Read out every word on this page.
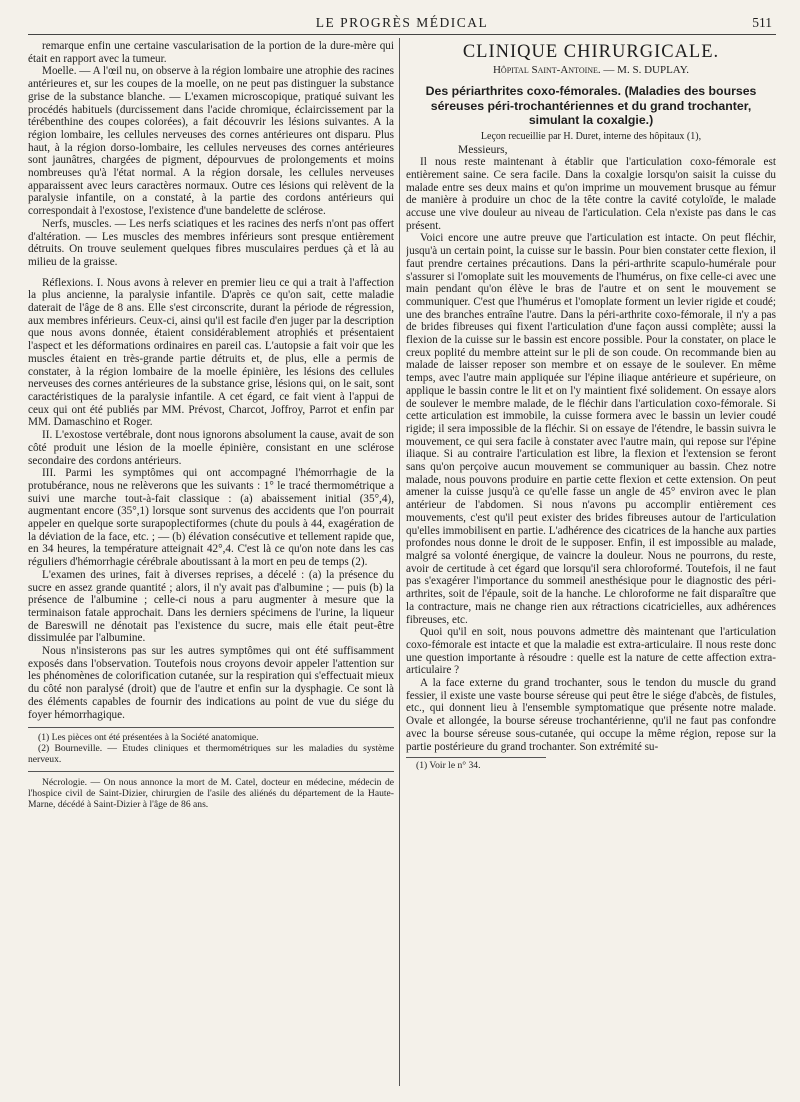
LE PROGRÈS MÉDICAL	511

remarque enfin une certaine vascularisation de la portion de la dure-mère qui était en rapport avec la tumeur.

Moelle. — A l'œil nu, on observe à la région lombaire une atrophie des racines antérieures et, sur les coupes de la moelle, on ne peut pas distinguer la substance grise de la substance blanche. — L'examen microscopique, pratiqué suivant les procédés habituels (durcissement dans l'acide chromique, éclaircissement par la térébenthine des coupes colorées), a fait découvrir les lésions suivantes. A la région lombaire, les cellules nerveuses des cornes antérieures ont disparu. Plus haut, à la région dorso-lombaire, les cellules nerveuses des cornes antérieures sont jaunâtres, chargées de pigment, dépourvues de prolongements et moins nombreuses qu'à l'état normal. A la région dorsale, les cellules nerveuses apparaissent avec leurs caractères normaux. Outre ces lésions qui relèvent de la paralysie infantile, on a constaté, à la partie des cordons antérieurs qui correspondait à l'exostose, l'existence d'une bandelette de sclérose.

Nerfs, muscles. — Les nerfs sciatiques et les racines des nerfs n'ont pas offert d'altération. — Les muscles des membres inférieurs sont presque entièrement détruits. On trouve seulement quelques fibres musculaires perdues çà et là au milieu de la graisse.

Réflexions. I. Nous avons à relever en premier lieu ce qui a trait à l'affection la plus ancienne, la paralysie infantile. D'après ce qu'on sait, cette maladie daterait de l'âge de 8 ans. Elle s'est circonscrite, durant la période de régression, aux membres inférieurs. Ceux-ci, ainsi qu'il est facile d'en juger par la description que nous avons donnée, étaient considérablement atrophiés et présentaient l'aspect et les déformations ordinaires en pareil cas. L'autopsie a fait voir que les muscles étaient en très-grande partie détruits et, de plus, elle a permis de constater, à la région lombaire de la moelle épinière, les lésions des cellules nerveuses des cornes antérieures de la substance grise, lésions qui, on le sait, sont caractéristiques de la paralysie infantile. A cet égard, ce fait vient à l'appui de ceux qui ont été publiés par MM. Prévost, Charcot, Joffroy, Parrot et enfin par MM. Damaschino et Roger.

II. L'exostose vertébrale, dont nous ignorons absolument la cause, avait de son côté produit une lésion de la moelle épinière, consistant en une sclérose secondaire des cordons antérieurs.

III. Parmi les symptômes qui ont accompagné l'hémorrhagie de la protubérance, nous ne relèverons que les suivants : 1° le tracé thermométrique a suivi une marche tout-à-fait classique : (a) abaissement initial (35°,4), augmentant encore (35°,1) lorsque sont survenus des accidents que l'on pourrait appeler en quelque sorte surapoplectiformes (chute du pouls à 44, exagération de la déviation de la face, etc. ; — (b) élévation consécutive et tellement rapide que, en 34 heures, la température atteignait 42°,4. C'est là ce qu'on note dans les cas réguliers d'hémorrhagie cérébrale aboutissant à la mort en peu de temps (2).

L'examen des urines, fait à diverses reprises, a décelé : (a) la présence du sucre en assez grande quantité ; alors, il n'y avait pas d'albumine ; — puis (b) la présence de l'albumine ; celle-ci nous a paru augmenter à mesure que la terminaison fatale approchait. Dans les derniers spécimens de l'urine, la liqueur de Bareswill ne dénotait pas l'existence du sucre, mais elle était peut-être dissimulée par l'albumine.

Nous n'insisterons pas sur les autres symptômes qui ont été suffisamment exposés dans l'observation. Toutefois nous croyons devoir appeler l'attention sur les phénomènes de colorification cutanée, sur la respiration qui s'effectuait mieux du côté non paralysé (droit) que de l'autre et enfin sur la dysphagie. Ce sont là des éléments capables de fournir des indications au point de vue du siége du foyer hémorrhagique.

(1) Les pièces ont été présentées à la Société anatomique.

(2) Bourneville. — Etudes cliniques et thermométriques sur les maladies du système nerveux.

Nécrologie. — On nous annonce la mort de M. Catel, docteur en médecine, médecin de l'hospice civil de Saint-Dizier, chirurgien de l'asile des aliénés du département de la Haute-Marne, décédé à Saint-Dizier à l'âge de 86 ans.

CLINIQUE CHIRURGICALE.
Hôpital Saint-Antoine. — M. S. DUPLAY.
Des périarthrites coxo-fémorales. (Maladies des bourses séreuses péri-trochantériennes et du grand trochanter, simulant la coxalgie.)
Leçon recueillie par H. Duret, interne des hôpitaux (1),

Messieurs,

Il nous reste maintenant à établir que l'articulation coxo-fémorale est entièrement saine. Ce sera facile. Dans la coxalgie lorsqu'on saisit la cuisse du malade entre ses deux mains et qu'on imprime un mouvement brusque au fémur de manière à produire un choc de la tête contre la cavité cotyloïde, le malade accuse une vive douleur au niveau de l'articulation. Cela n'existe pas dans le cas présent.

Voici encore une autre preuve que l'articulation est intacte. On peut fléchir, jusqu'à un certain point, la cuisse sur le bassin. Pour bien constater cette flexion, il faut prendre certaines précautions. Dans la péri-arthrite scapulo-humérale pour s'assurer si l'omoplate suit les mouvements de l'humérus, on fixe celle-ci avec une main pendant qu'on élève le bras de l'autre et on sent le mouvement se communiquer. C'est que l'humérus et l'omoplate forment un levier rigide et coudé; une des branches entraîne l'autre. Dans la péri-arthrite coxo-fémorale, il n'y a pas de brides fibreuses qui fixent l'articulation d'une façon aussi complète; aussi la flexion de la cuisse sur le bassin est encore possible. Pour la constater, on place le creux poplité du membre atteint sur le pli de son coude. On recommande bien au malade de laisser reposer son membre et on essaye de le soulever. En même temps, avec l'autre main appliquée sur l'épine iliaque antérieure et supérieure, on applique le bassin contre le lit et on l'y maintient fixé solidement. On essaye alors de soulever le membre malade, de le fléchir dans l'articulation coxo-fémorale. Si cette articulation est immobile, la cuisse formera avec le bassin un levier coudé rigide; il sera impossible de la fléchir. Si on essaye de l'étendre, le bassin suivra le mouvement, ce qui sera facile à constater avec l'autre main, qui repose sur l'épine iliaque. Si au contraire l'articulation est libre, la flexion et l'extension se feront sans qu'on perçoive aucun mouvement se communiquer au bassin. Chez notre malade, nous pouvons produire en partie cette flexion et cette extension. On peut amener la cuisse jusqu'à ce qu'elle fasse un angle de 45° environ avec le plan antérieur de l'abdomen. Si nous n'avons pu accomplir entièrement ces mouvements, c'est qu'il peut exister des brides fibreuses autour de l'articulation qu'elles immobilisent en partie. L'adhérence des cicatrices de la hanche aux parties profondes nous donne le droit de le supposer. Enfin, il est impossible au malade, malgré sa volonté énergique, de vaincre la douleur. Nous ne pourrons, du reste, avoir de certitude à cet égard que lorsqu'il sera chloroformé. Toutefois, il ne faut pas s'exagérer l'importance du sommeil anesthésique pour le diagnostic des péri-arthrites, soit de l'épaule, soit de la hanche. Le chloroforme ne fait disparaître que la contracture, mais ne change rien aux rétractions cicatricielles, aux adhérences fibreuses, etc.

Quoi qu'il en soit, nous pouvons admettre dès maintenant que l'articulation coxo-fémorale est intacte et que la maladie est extra-articulaire. Il nous reste donc une question importante à résoudre : quelle est la nature de cette affection extra-articulaire ?

A la face externe du grand trochanter, sous le tendon du muscle du grand fessier, il existe une vaste bourse séreuse qui peut être le siége d'abcès, de fistules, etc., qui donnent lieu à l'ensemble symptomatique que présente notre malade. Ovale et allongée, la bourse séreuse trochantérienne, qu'il ne faut pas confondre avec la bourse séreuse sous-cutanée, qui occupe la même région, repose sur la partie postérieure du grand trochanter. Son extrémité su-

(1) Voir le n° 34.
